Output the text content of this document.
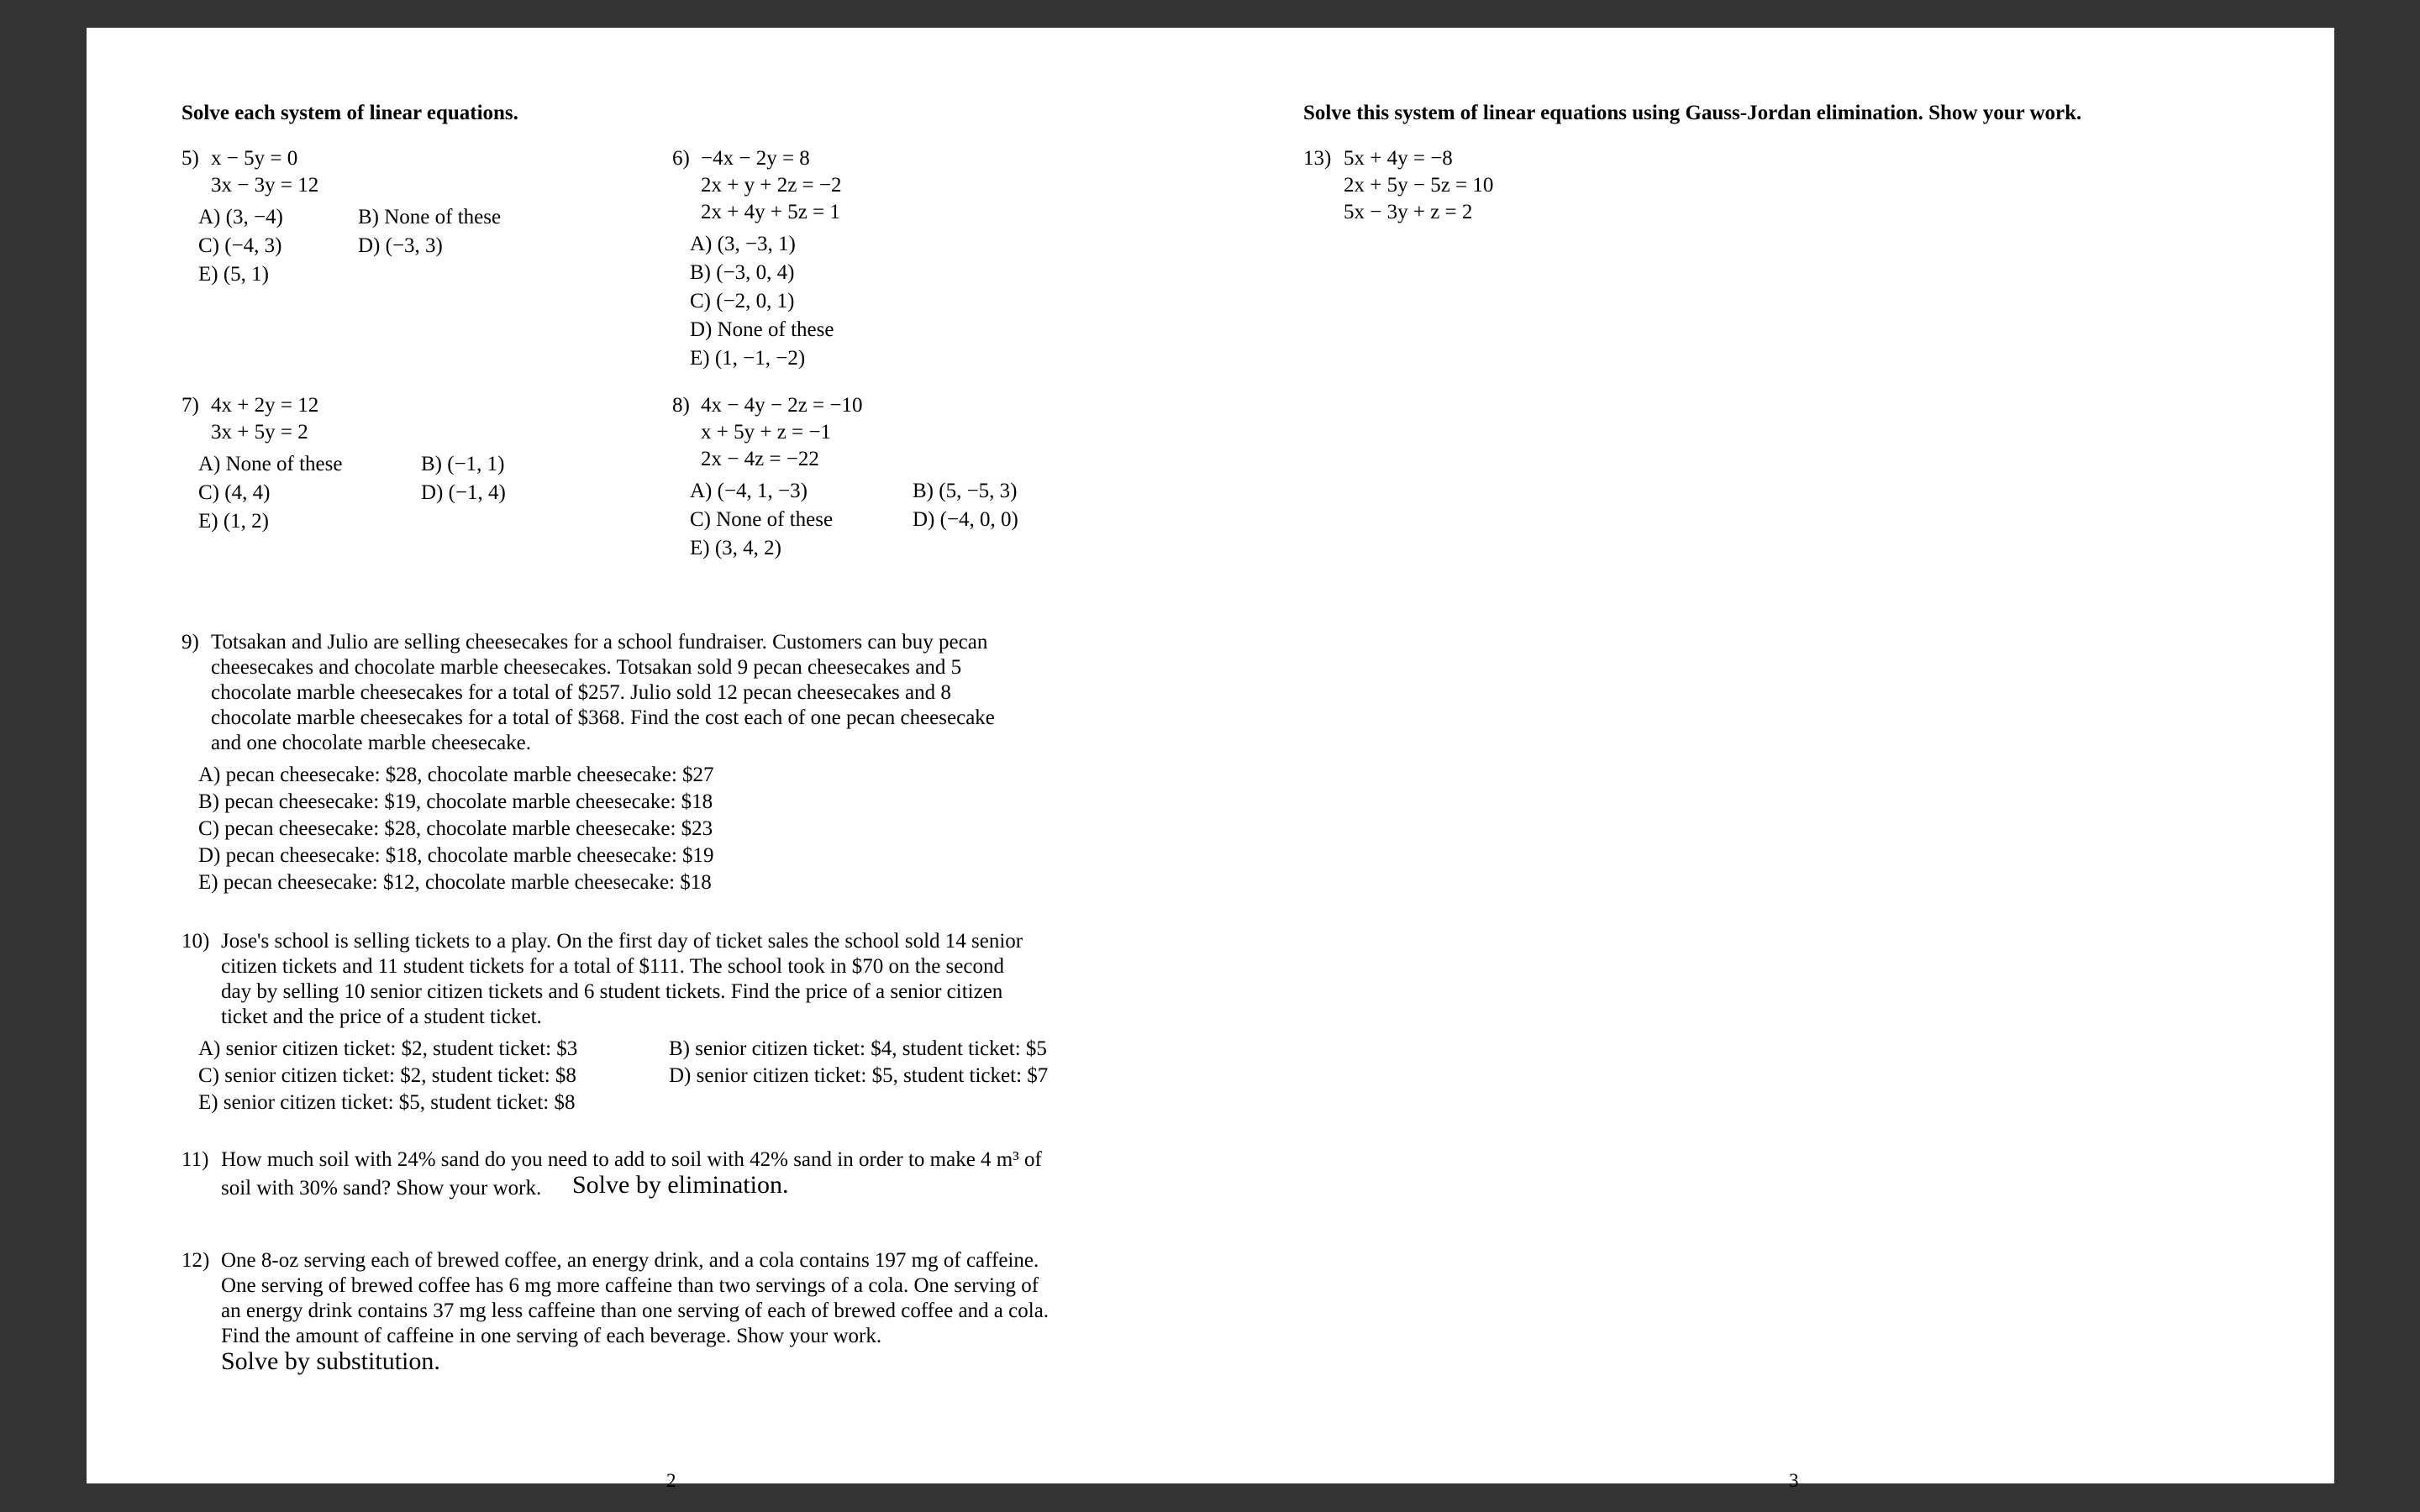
Solve each system of linear equations.
5) x − 5y = 0
3x − 3y = 12
A) (3, −4)	B) None of these
C) (−4, 3)	D) (−3, 3)
E) (5, 1)
6) −4x − 2y = 8
2x + y + 2z = −2
2x + 4y + 5z = 1
A) (3, −3, 1)
B) (−3, 0, 4)
C) (−2, 0, 1)
D) None of these
E) (1, −1, −2)
7) 4x + 2y = 12
3x + 5y = 2
A) None of these	B) (−1, 1)
C) (4, 4)	D) (−1, 4)
E) (1, 2)
8) 4x − 4y − 2z = −10
x + 5y + z = −1
2x − 4z = −22
A) (−4, 1, −3)	B) (5, −5, 3)
C) None of these	D) (−4, 0, 0)
E) (3, 4, 2)
9) Totsakan and Julio are selling cheesecakes for a school fundraiser. Customers can buy pecan
cheesecakes and chocolate marble cheesecakes. Totsakan sold 9 pecan cheesecakes and 5
chocolate marble cheesecakes for a total of $257. Julio sold 12 pecan cheesecakes and 8
chocolate marble cheesecakes for a total of $368. Find the cost each of one pecan cheesecake
and one chocolate marble cheesecake.
A) pecan cheesecake: $28, chocolate marble cheesecake: $27
B) pecan cheesecake: $19, chocolate marble cheesecake: $18
C) pecan cheesecake: $28, chocolate marble cheesecake: $23
D) pecan cheesecake: $18, chocolate marble cheesecake: $19
E) pecan cheesecake: $12, chocolate marble cheesecake: $18
10) Jose's school is selling tickets to a play. On the first day of ticket sales the school sold 14 senior
citizen tickets and 11 student tickets for a total of $111. The school took in $70 on the second
day by selling 10 senior citizen tickets and 6 student tickets. Find the price of a senior citizen
ticket and the price of a student ticket.
A) senior citizen ticket: $2, student ticket: $3	B) senior citizen ticket: $4, student ticket: $5
C) senior citizen ticket: $2, student ticket: $8	D) senior citizen ticket: $5, student ticket: $7
E) senior citizen ticket: $5, student ticket: $8
11) How much soil with 24% sand do you need to add to soil with 42% sand in order to make 4 m³ of
soil with 30% sand? Show your work. Solve by elimination.
12) One 8-oz serving each of brewed coffee, an energy drink, and a cola contains 197 mg of caffeine.
One serving of brewed coffee has 6 mg more caffeine than two servings of a cola. One serving of
an energy drink contains 37 mg less caffeine than one serving of each of brewed coffee and a cola.
Find the amount of caffeine in one serving of each beverage. Show your work.
Solve by substitution.
2
Solve this system of linear equations using Gauss-Jordan elimination. Show your work.
13) 5x + 4y = −8
2x + 5y − 5z = 10
5x − 3y + z = 2
3
